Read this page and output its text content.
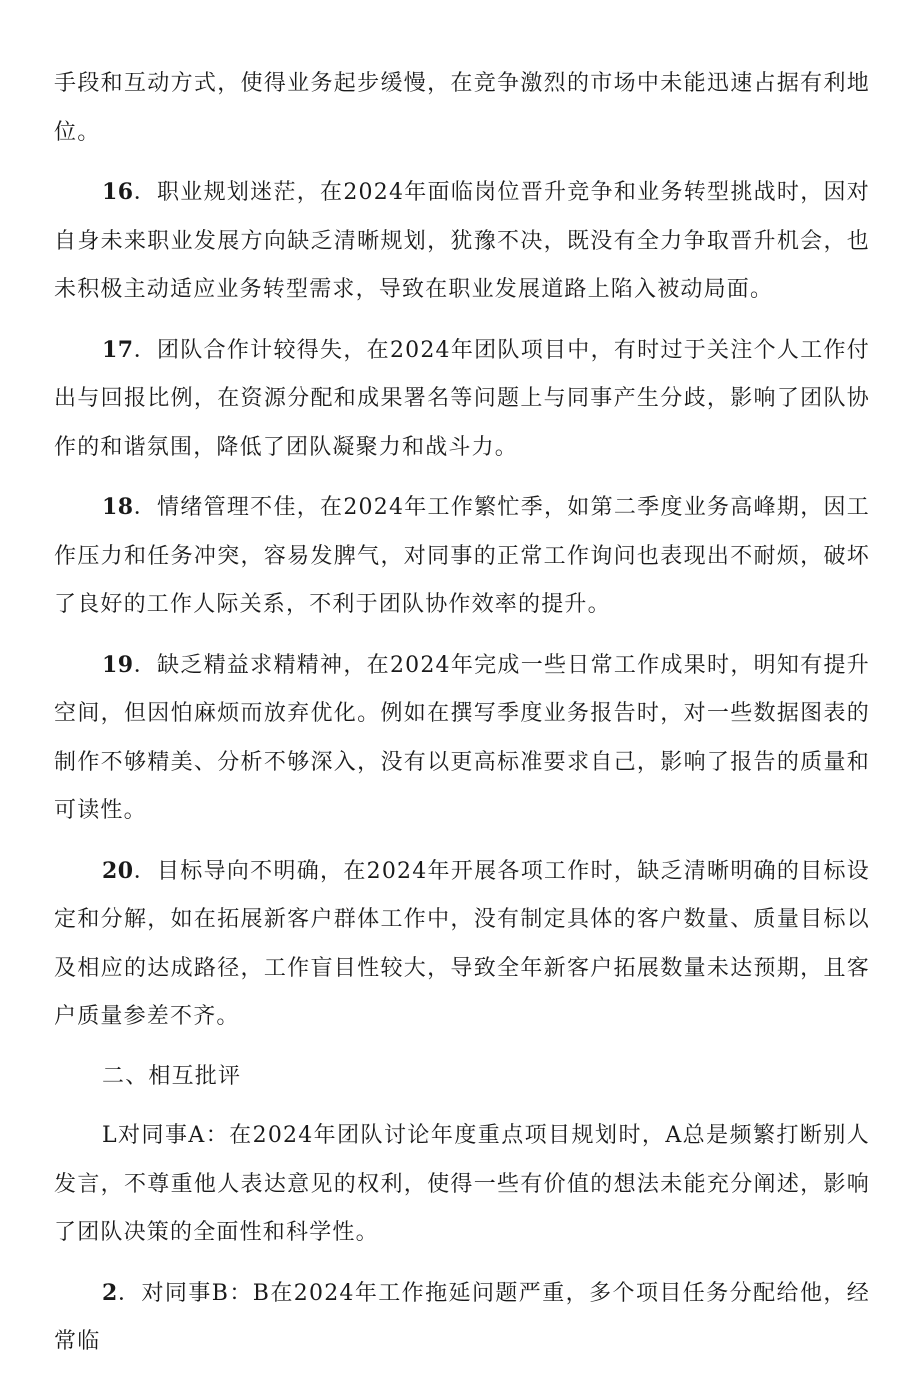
手段和互动方式，使得业务起步缓慢，在竞争激烈的市场中未能迅速占据有利地位。

16．职业规划迷茫，在2024年面临岗位晋升竞争和业务转型挑战时，因对自身未来职业发展方向缺乏清晰规划，犹豫不决，既没有全力争取晋升机会，也未积极主动适应业务转型需求，导致在职业发展道路上陷入被动局面。

17．团队合作计较得失，在2024年团队项目中，有时过于关注个人工作付出与回报比例，在资源分配和成果署名等问题上与同事产生分歧，影响了团队协作的和谐氛围，降低了团队凝聚力和战斗力。

18．情绪管理不佳，在2024年工作繁忙季，如第二季度业务高峰期，因工作压力和任务冲突，容易发脾气，对同事的正常工作询问也表现出不耐烦，破坏了良好的工作人际关系，不利于团队协作效率的提升。

19．缺乏精益求精精神，在2024年完成一些日常工作成果时，明知有提升空间，但因怕麻烦而放弃优化。例如在撰写季度业务报告时，对一些数据图表的制作不够精美、分析不够深入，没有以更高标准要求自己，影响了报告的质量和可读性。

20．目标导向不明确，在2024年开展各项工作时，缺乏清晰明确的目标设定和分解，如在拓展新客户群体工作中，没有制定具体的客户数量、质量目标以及相应的达成路径，工作盲目性较大，导致全年新客户拓展数量未达预期，且客户质量参差不齐。

二、相互批评

L对同事A：在2024年团队讨论年度重点项目规划时，A总是频繁打断别人发言，不尊重他人表达意见的权利，使得一些有价值的想法未能充分阐述，影响了团队决策的全面性和科学性。

2．对同事B：B在2024年工作拖延问题严重，多个项目任务分配给他，经常临
